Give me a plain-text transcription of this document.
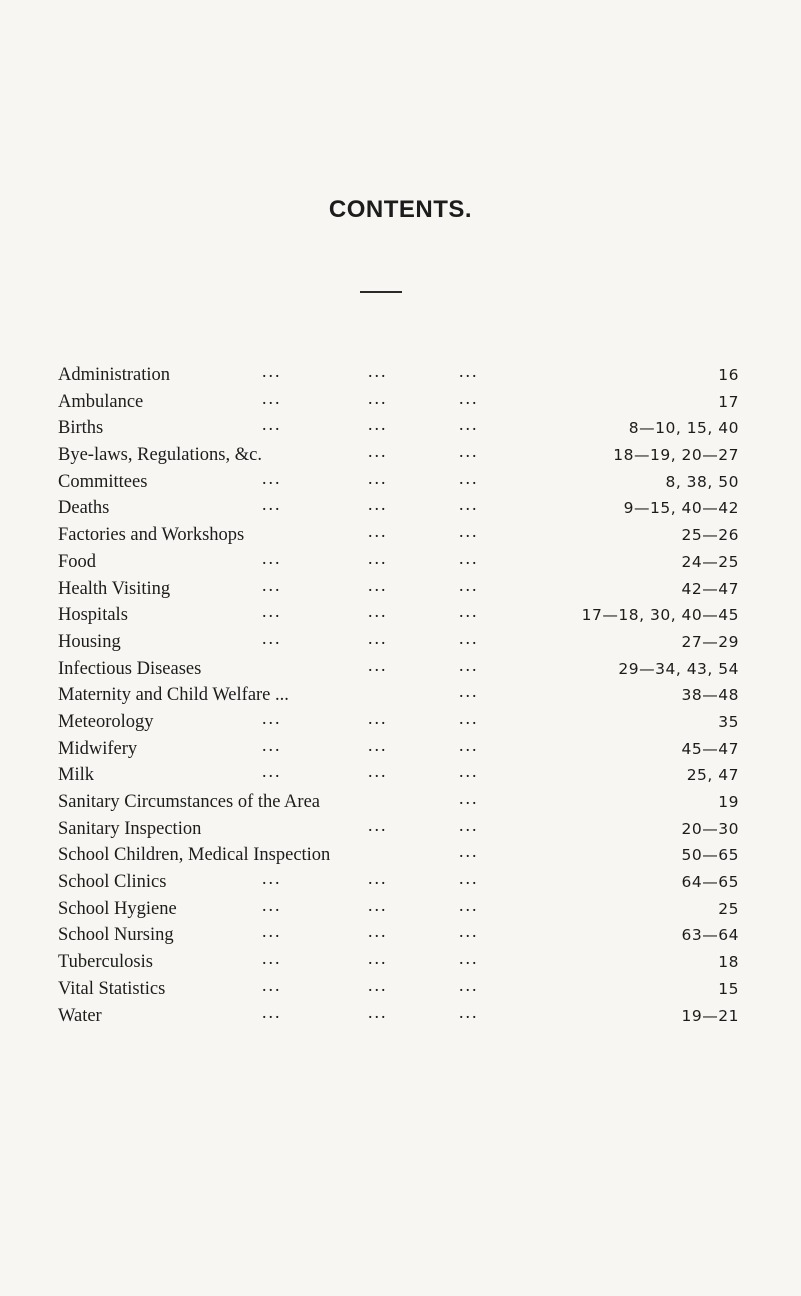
CONTENTS.
Administration	...	...	...	16
Ambulance	...	...	...	17
Births	...	...	...	8—10, 15, 40
Bye-laws, Regulations, &c.	...	...	18—19, 20—27
Committees	...	...	...	8, 38, 50
Deaths	...	...	...	9—15, 40—42
Factories and Workshops	...	...	25—26
Food	...	...	...	24—25
Health Visiting	...	...	...	42—47
Hospitals	...	...	...	17—18, 30, 40—45
Housing	...	...	...	27—29
Infectious Diseases	...	...	29—34, 43, 54
Maternity and Child Welfare ...	...	38—48
Meteorology	...	...	...	35
Midwifery	...	...	...	45—47
Milk	...	...	...	25, 47
Sanitary Circumstances of the Area	...	19
Sanitary Inspection	...	...	20—30
School Children, Medical Inspection	...	50—65
School Clinics	...	...	...	64—65
School Hygiene	...	...	...	25
School Nursing	...	...	...	63—64
Tuberculosis	...	...	...	18
Vital Statistics	...	...	...	15
Water	...	...	...	19—21
